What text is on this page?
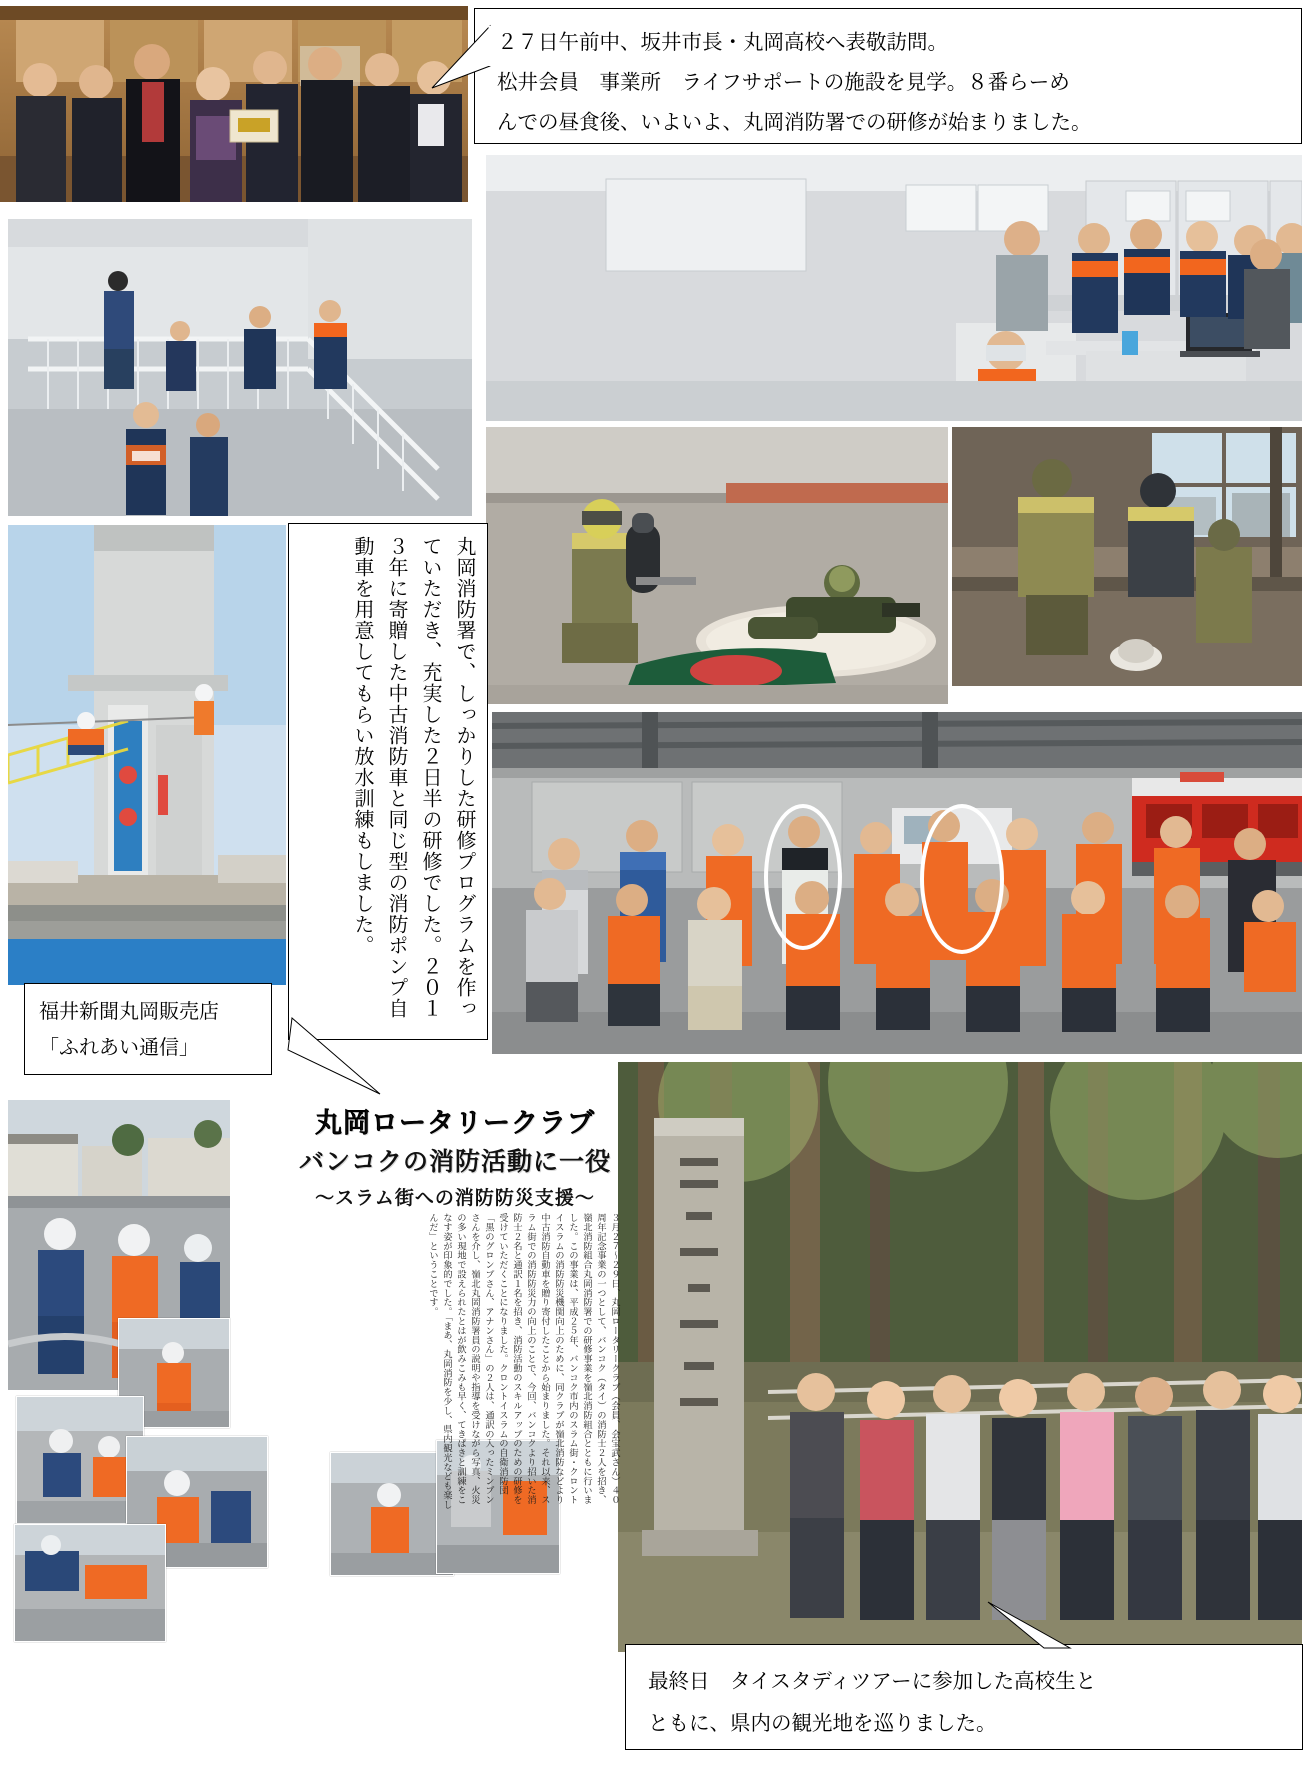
丸岡ロータリークラブ
バンコクの消防活動に一役
〜スラム街への消防防災支援〜

３月２７〜２９日、丸岡ロータリークラブ（会員、会宝武さん）４０周年記念事業の一つとして、バンコク（タイ）の消防士２人を招き、嶺北消防組合丸岡消防署での研修事業を嶺北消防組合とともに行いました。この事業は、平成２５年、バンコク市内のスラム街・クロントイスラムの消防防災機関向上のために、同クラブが嶺北消防などより中古消防自動車を贈り寄付したことから始まりました。それ以来、スラム街での消防防災力の向上のことで、今回、バンコクより招いた消防士２名と通訳１名を招き、消防活動のスキルアップのための研修を受けていただくことになりました。クロントイスラムの自衛消防団「黒のグロンプさん、アナンさん」の２人は、通訳の入ったミンブンさんを介し、嶺北丸岡消防署員の説明や指導を受けながら写真、火災の多い現地で設えられたとはが飲みこみも早く、てきぱきと訓練をこなす姿が印象的でした。「まあ、丸岡消防を少し、県内観光なども楽しんだ」ということです。

２７日午前中、坂井市長・丸岡高校へ表敬訪問。

松井会員　事業所　ライフサポートの施設を見学。８番らーめ

んでの昼食後、いよいよ、丸岡消防署での研修が始まりました。

丸岡消防署で、しっかりした研修プログラムを作っていただき、充実した２日半の研修でした。２０１３年に寄贈した中古消防車と同じ型の消防ポンプ自動車を用意してもらい放水訓練もしました。

福井新聞丸岡販売店

「ふれあい通信」

最終日　タイスタディツアーに参加した高校生と

ともに、県内の観光地を巡りました。
